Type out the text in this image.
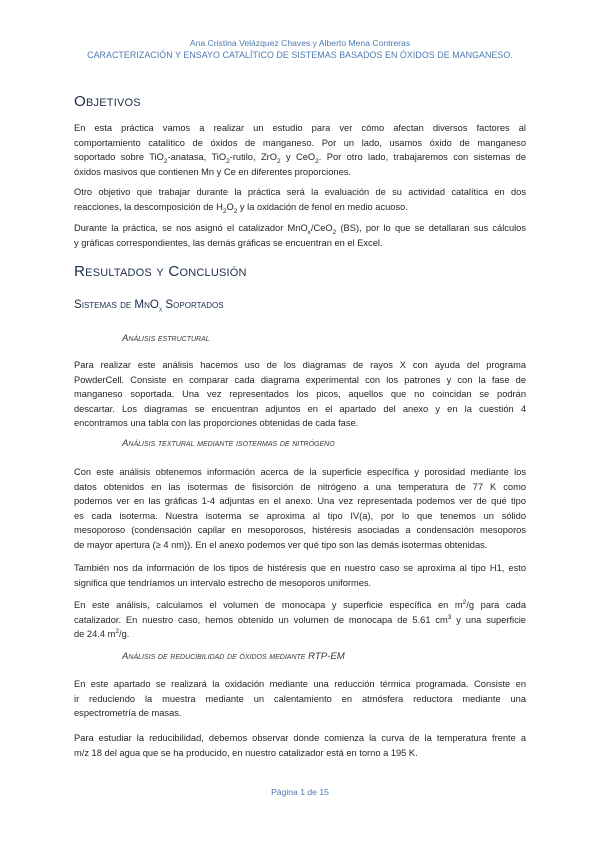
Ana Cristina Velázquez Chaves y Alberto Mena Contreras
CARACTERIZACIÓN Y ENSAYO CATALÍTICO DE SISTEMAS BASADOS EN ÓXIDOS DE MANGANESO.
Objetivos
En esta práctica vamos a realizar un estudio para ver cómo afectan diversos factores al
comportamiento catalítico de óxidos de manganeso. Por un lado, usamos óxido de manganeso
soportado sobre TiO$_2$-anatasa, TiO$_2$-rutilo, ZrO$_2$ y CeO$_2$. Por otro lado, trabajaremos con sistemas de
óxidos masivos que contienen Mn y Ce en diferentes proporciones.
Otro objetivo que trabajar durante la práctica será la evaluación de su actividad catalítica en dos
reacciones, la descomposición de $H_2O_2$ y la oxidación de fenol en medio acuoso.
Durante la práctica, se nos asignó el catalizador MnO$_x$/CeO$_2$ (BS), por lo que se detallaran sus cálculos
y gráficas correspondientes, las demás gráficas se encuentran en el Excel.
Resultados y Conclusión
Sistemas de MnO$_x$ Soportados
Análisis estructural
Para realizar este análisis hacemos uso de los diagramas de rayos X con ayuda del programa
PowderCell. Consiste en comparar cada diagrama experimental con los patrones y con la fase de
manganeso soportada. Una vez representados los picos, aquellos que no coincidan se podrán
descartar. Los diagramas se encuentran adjuntos en el apartado del anexo y en la cuestión 4
encontramos una tabla con las proporciones obtenidas de cada fase.
Análisis textural mediante isotermas de nitrógeno
Con este análisis obtenemos información acerca de la superficie específica y porosidad mediante los
datos obtenidos en las isotermas de fisisorción de nitrógeno a una temperatura de 77 K como
podemos ver en las gráficas 1-4 adjuntas en el anexo. Una vez representada podemos ver de qué tipo
es cada isoterma. Nuestra isoterma se aproxima al tipo IV(a), por lo que tenemos un sólido
mesoporoso (condensación capilar en mesoporosos, histéresis asociadas a condensación mesoporos
de mayor apertura (≥ 4 nm)). En el anexo podemos ver qué tipo son las demás isotermas obtenidas.
También nos da información de los tipos de histéresis que en nuestro caso se aproxima al tipo H1, esto
significa que tendríamos un intervalo estrecho de mesoporos uniformes.
En este análisis, calculamos el volumen de monocapa y superficie específica en $m^2/g$ para cada
catalizador. En nuestro caso, hemos obtenido un volumen de monocapa de 5.61 $cm^3$ y una superficie
de 24.4 $m^2/g$.
Análisis de reducibilidad de óxidos mediante RTP-EM
En este apartado se realizará la oxidación mediante una reducción térmica programada. Consiste en
ir reduciendo la muestra mediante un calentamiento en atmósfera reductora mediante una
espectrometría de masas.
Para estudiar la reducibilidad, debemos observar donde comienza la curva de la temperatura frente a
m/z 18 del agua que se ha producido, en nuestro catalizador está en torno a 195 K.
Página 1 de 15
